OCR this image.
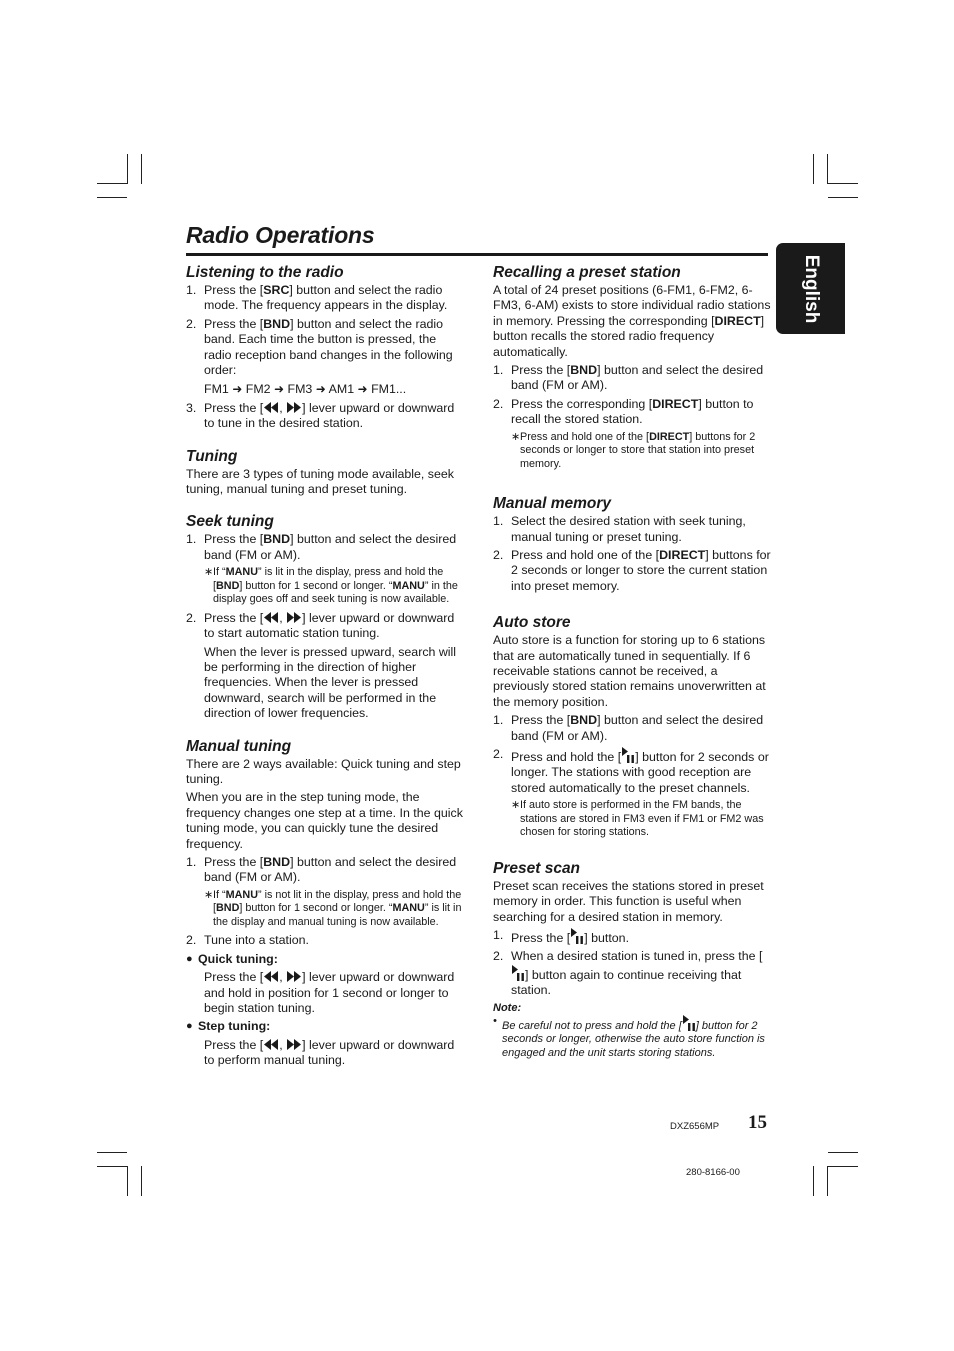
Radio Operations
English
Listening to the radio
1. Press the [SRC] button and select the radio mode. The frequency appears in the display.
2. Press the [BND] button and select the radio band. Each time the button is pressed, the radio reception band changes in the following order:
FM1 ➜ FM2 ➜ FM3 ➜ AM1 ➜ FM1...
3. Press the [ , ] lever upward or downward to tune in the desired station.
Tuning

There are 3 types of tuning mode available, seek tuning, manual tuning and preset tuning.

Seek tuning
1. Press the [BND] button and select the desired band (FM or AM).
∗ If “MANU” is lit in the display, press and hold the [BND] button for 1 second or longer. “MANU” in the display goes off and seek tuning is now available.
2. Press the [ , ] lever upward or downward to start automatic station tuning.

When the lever is pressed upward, search will be performing in the direction of higher frequencies. When the lever is pressed downward, search will be performed in the direction of lower frequencies.

Manual tuning

There are 2 ways available: Quick tuning and step tuning.

When you are in the step tuning mode, the frequency changes one step at a time. In the quick tuning mode, you can quickly tune the desired frequency.

1. Press the [BND] button and select the desired band (FM or AM).
∗ If “MANU” is not lit in the display, press and hold the [BND] button for 1 second or longer. “MANU” is lit in the display and manual tuning is now available.
2. Tune into a station.
● Quick tuning:
Press the [ , ] lever upward or downward and hold in position for 1 second or longer to begin station tuning.
● Step tuning:
Press the [ , ] lever upward or downward to perform manual tuning.
Recalling a preset station

A total of 24 preset positions (6-FM1, 6-FM2, 6-FM3, 6-AM) exists to store individual radio stations in memory. Pressing the corresponding [DIRECT] button recalls the stored radio frequency automatically.

1. Press the [BND] button and select the desired band (FM or AM).
2. Press the corresponding [DIRECT] button to recall the stored station.
∗ Press and hold one of the [DIRECT] buttons for 2 seconds or longer to store that station into preset memory.
Manual memory
1. Select the desired station with seek tuning, manual tuning or preset tuning.
2. Press and hold one of the [DIRECT] buttons for 2 seconds or longer to store the current station into preset memory.
Auto store

Auto store is a function for storing up to 6 stations that are automatically tuned in sequentially. If 6 receivable stations cannot be received, a previously stored station remains unoverwritten at the memory position.

1. Press the [BND] button and select the desired band (FM or AM).
2. Press and hold the [ ] button for 2 seconds or longer. The stations with good reception are stored automatically to the preset channels.
∗ If auto store is performed in the FM bands, the stations are stored in FM3 even if FM1 or FM2 was chosen for storing stations.
Preset scan

Preset scan receives the stations stored in preset memory in order. This function is useful when searching for a desired station in memory.

1. Press the [ ] button.
2. When a desired station is tuned in, press the [] button again to continue receiving that station.
Note:
• Be careful not to press and hold the [ ] button for 2 seconds or longer, otherwise the auto store function is engaged and the unit starts storing stations.
DXZ656MP 15
280-8166-00
